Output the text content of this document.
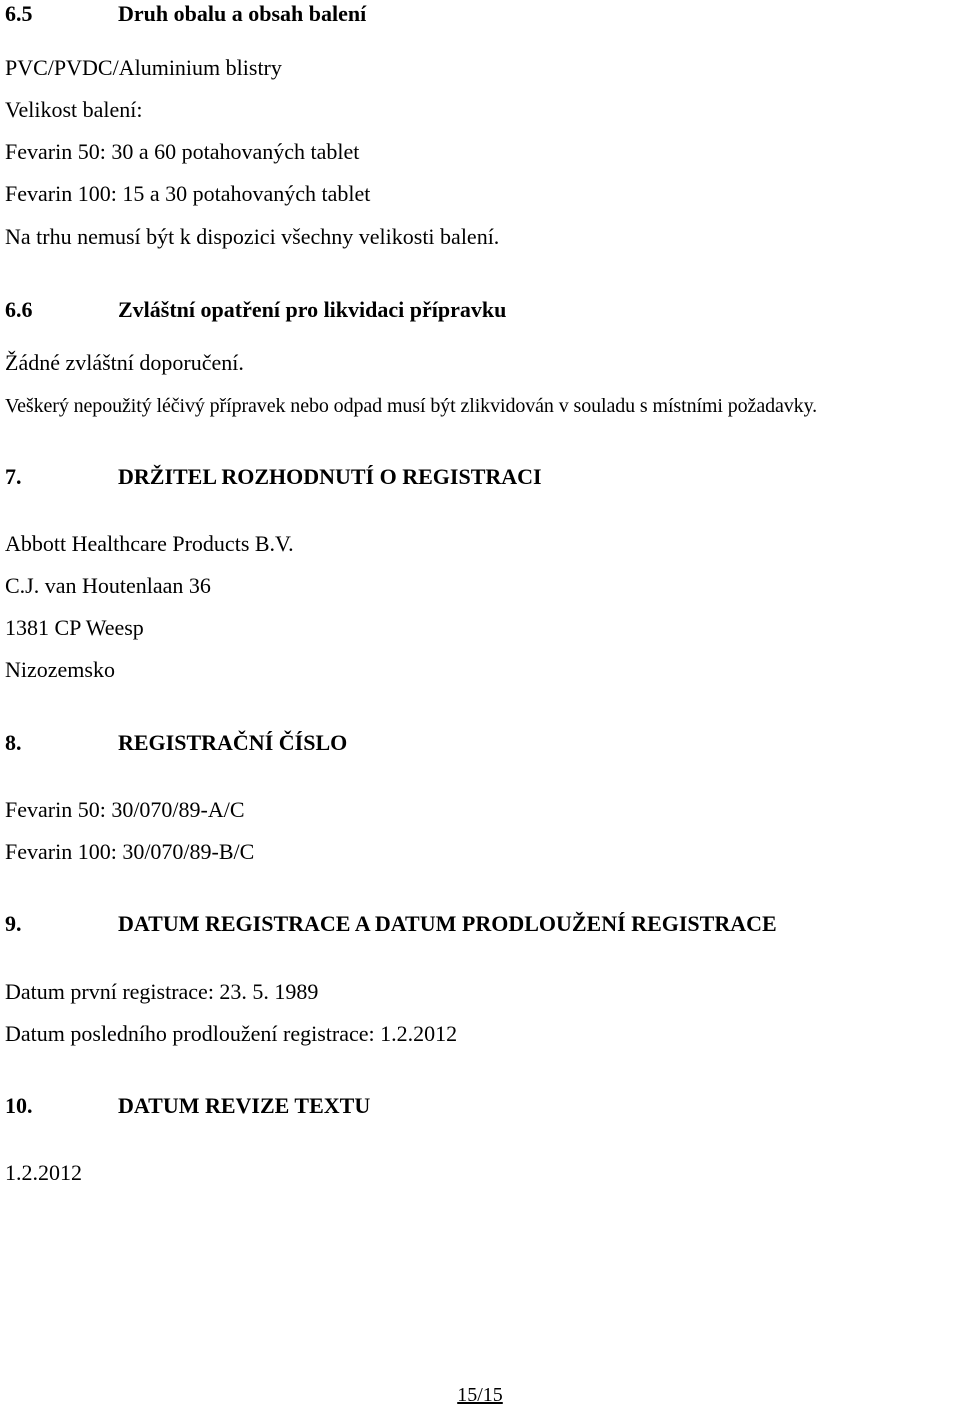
6.5	Druh obalu a obsah balení

PVC/PVDC/Aluminium blistry

Velikost balení:

Fevarin 50: 30 a 60 potahovaných tablet

Fevarin 100: 15 a 30 potahovaných tablet

Na trhu nemusí být k dispozici všechny velikosti balení.

6.6	Zvláštní opatření pro likvidaci přípravku

Žádné zvláštní doporučení.

Veškerý nepoužitý léčivý přípravek nebo odpad musí být zlikvidován v souladu s místními požadavky.

7.	DRŽITEL ROZHODNUTÍ O REGISTRACI

Abbott Healthcare Products B.V.

C.J. van Houtenlaan 36

1381 CP Weesp

Nizozemsko

8.	REGISTRAČNÍ ČÍSLO

Fevarin 50: 30/070/89-A/C

Fevarin 100: 30/070/89-B/C

9.	DATUM REGISTRACE A DATUM PRODLOUŽENÍ REGISTRACE

Datum první registrace: 23. 5. 1989

Datum posledního prodloužení registrace: 1.2.2012

10.	DATUM REVIZE TEXTU

1.2.2012

15/15
